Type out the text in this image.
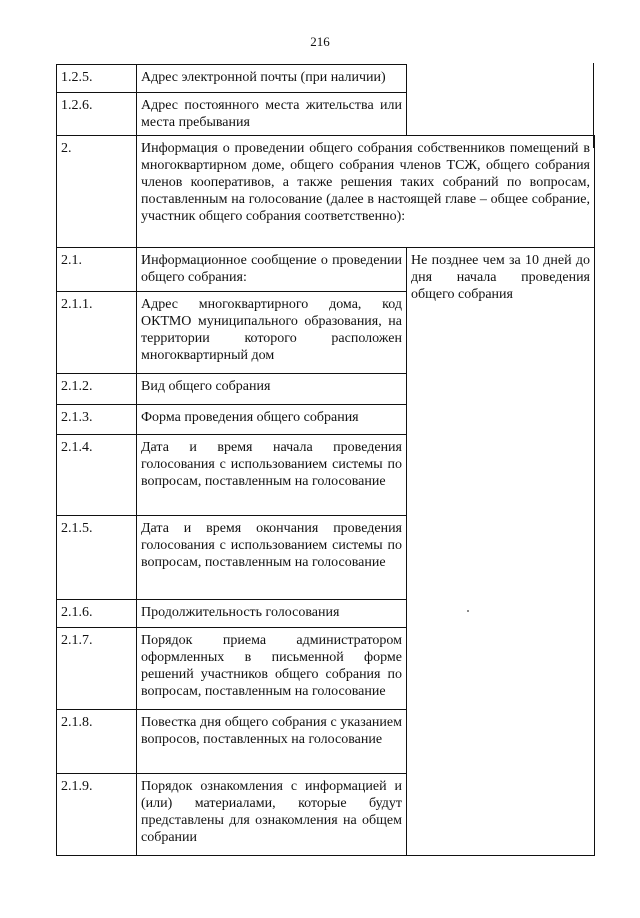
216
1.2.5.	Адрес электронной почты (при наличии)	
1.2.6.	Адрес постоянного места жительства или места пребывания	
2.	Информация о проведении общего собрания собственников помещений в многоквартирном доме, общего собрания членов ТСЖ, общего собрания членов кооперативов, а также решения таких собраний по вопросам, поставленным на голосование (далее в настоящей главе – общее собрание, участник общего собрания соответственно):	
2.1.	Информационное сообщение о проведении общего собрания:	Не позднее чем за 10 дней до дня начала проведения общего собрания
2.1.1.	Адрес многоквартирного дома, код ОКТМО муниципального образования, на территории которого расположен многоквартирный дом	
2.1.2.	Вид общего собрания	
2.1.3.	Форма проведения общего собрания	
2.1.4.	Дата и время начала проведения голосования с использованием системы по вопросам, поставленным на голосование	
2.1.5.	Дата и время окончания проведения голосования с использованием системы по вопросам, поставленным на голосование	
2.1.6.	Продолжительность голосования	
2.1.7.	Порядок приема администратором оформленных в письменной форме решений участников общего собрания по вопросам, поставленным на голосование	
2.1.8.	Повестка дня общего собрания с указанием вопросов, поставленных на голосование	
2.1.9.	Порядок ознакомления с информацией и (или) материалами, которые будут представлены для ознакомления на общем собрании	
